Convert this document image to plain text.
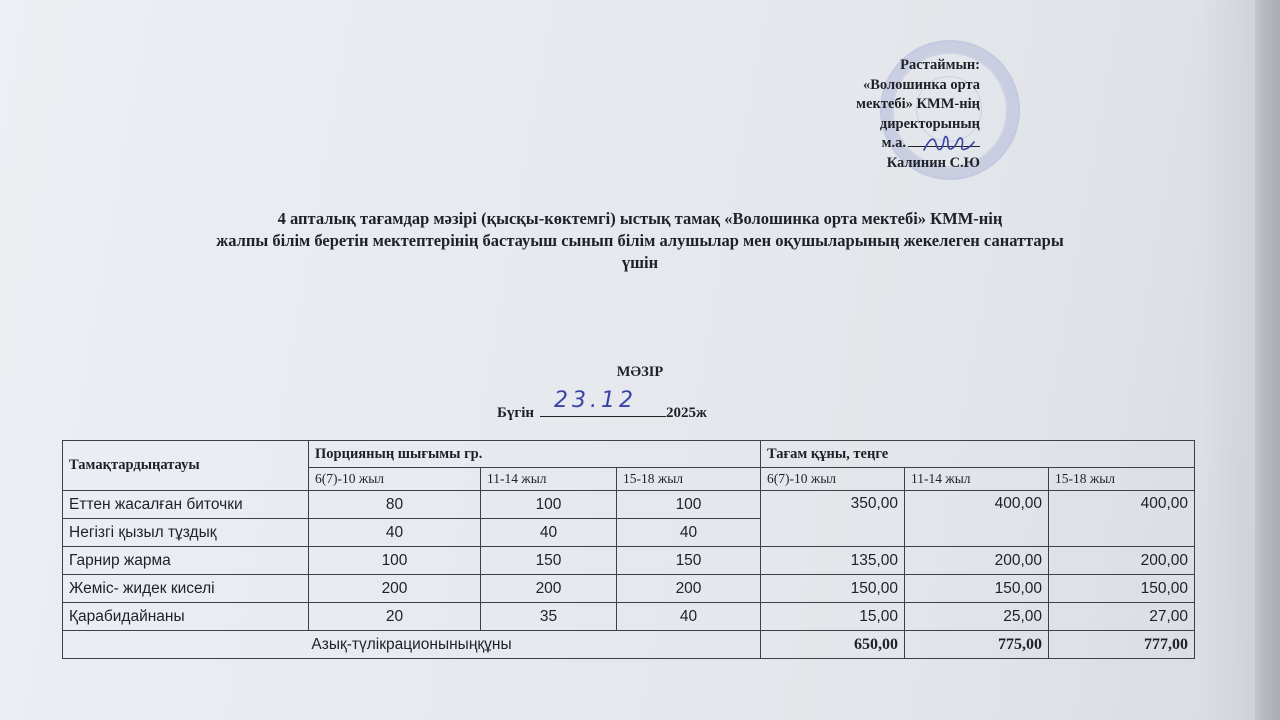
Растаймын:
«Волошинка орта
мектебі» КММ-нің
директорының
м.а.
Калинин С.Ю
4 апталық тағамдар мәзірі (қысқы-көктемгі) ыстық тамақ «Волошинка орта мектебі» КММ-нің
жалпы білім беретін мектептерінің бастауыш сынып білім алушылар мен оқушыларының жекелеген санаттары
үшін
МӘЗІР
Бүгін 23.12 2025ж
Тамақтардыңатауы	Порцияның шығымы гр.			Тағам құны, теңге		
	6(7)-10 жыл	11-14 жыл	15-18 жыл	6(7)-10 жыл	11-14 жыл	15-18 жыл
Еттен жасалған биточки	80	100	100	350,00	400,00	400,00
Негізгі қызыл тұздық	40	40	40			
Гарнир жарма	100	150	150	135,00	200,00	200,00
Жеміс- жидек киселі	200	200	200	150,00	150,00	150,00
Қарабидайнаны	20	35	40	15,00	25,00	27,00
Азық-түлікрационыныңқұны				650,00	775,00	777,00
